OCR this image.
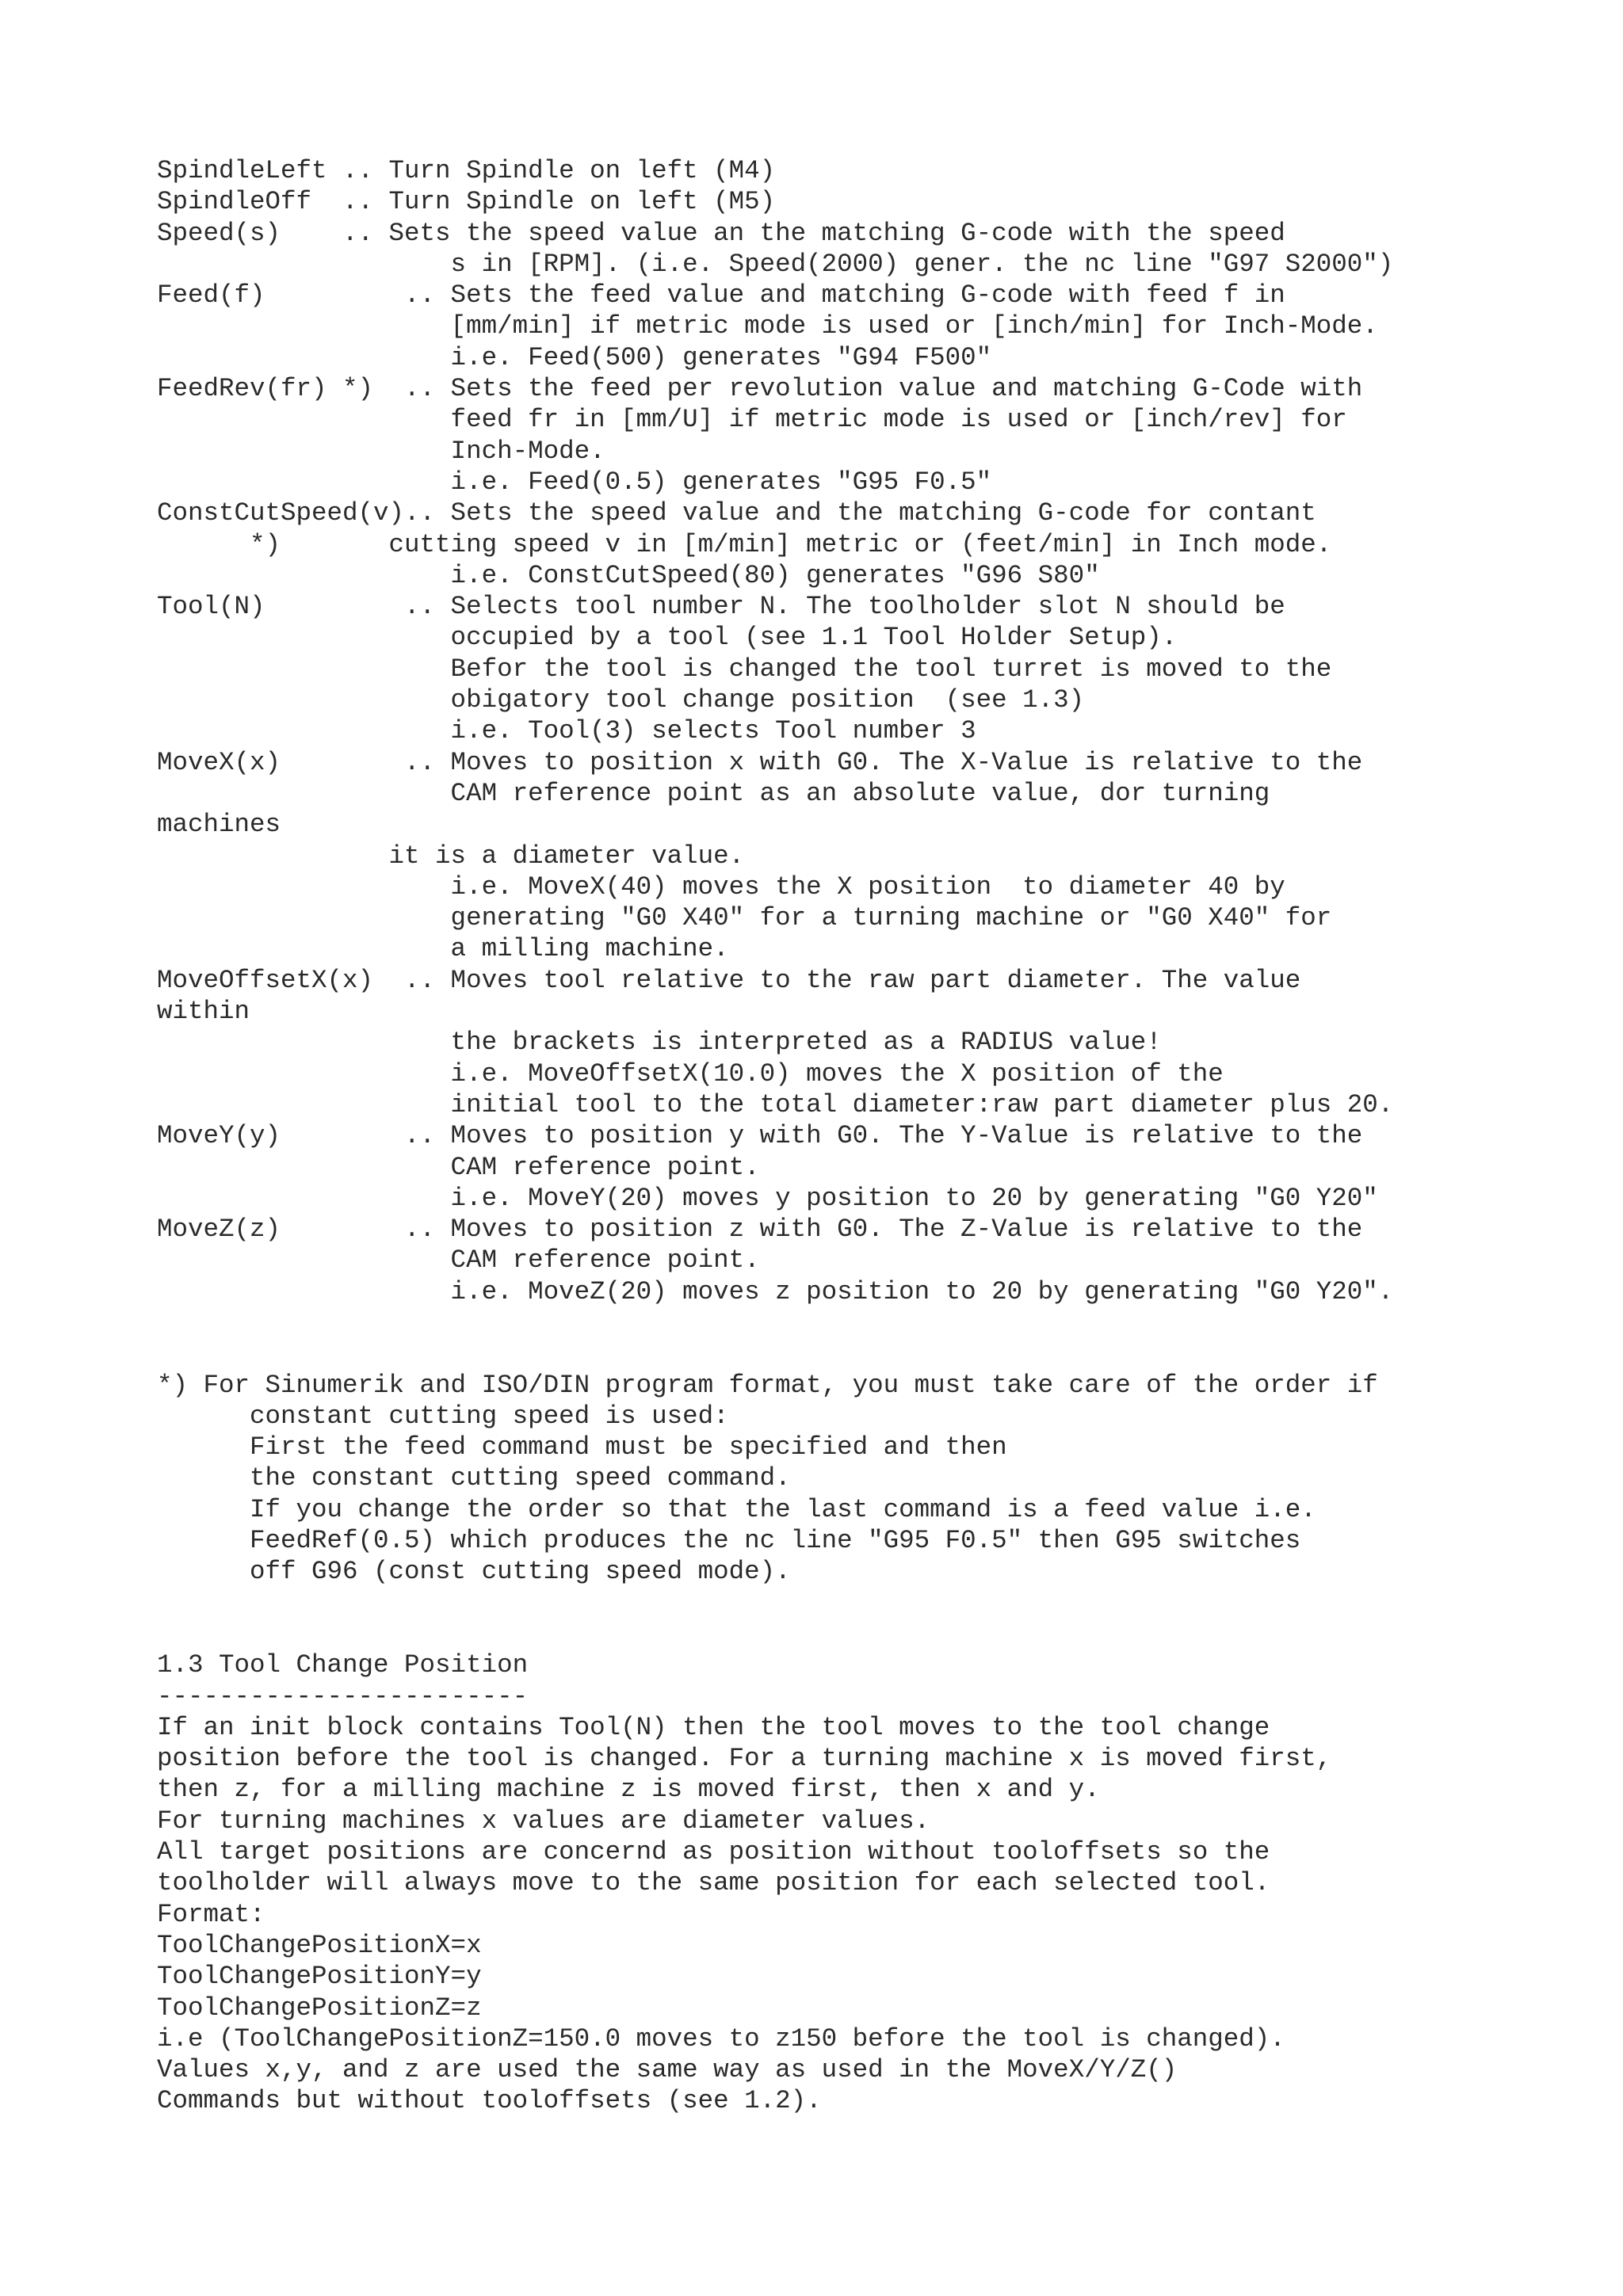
SpindleLeft .. Turn Spindle on left (M4)
SpindleOff  .. Turn Spindle on left (M5)
Speed(s)    .. Sets the speed value an the matching G-code with the speed
s in [RPM]. (i.e. Speed(2000) gener. the nc line "G97 S2000")
Feed(f)         .. Sets the feed value and matching G-code with feed f in
[mm/min] if metric mode is used or [inch/min] for Inch-Mode.
i.e. Feed(500) generates "G94 F500"
FeedRev(fr) *)  .. Sets the feed per revolution value and matching G-Code with
feed fr in [mm/U] if metric mode is used or [inch/rev] for
Inch-Mode.
i.e. Feed(0.5) generates "G95 F0.5"
ConstCutSpeed(v).. Sets the speed value and the matching G-code for contant
*)       cutting speed v in [m/min] metric or (feet/min] in Inch mode.
i.e. ConstCutSpeed(80) generates "G96 S80"
Tool(N)         .. Selects tool number N. The toolholder slot N should be
occupied by a tool (see 1.1 Tool Holder Setup).
Befor the tool is changed the tool turret is moved to the
obigatory tool change position  (see 1.3)
i.e. Tool(3) selects Tool number 3
MoveX(x)        .. Moves to position x with G0. The X-Value is relative to the
CAM reference point as an absolute value, dor turning
machines
it is a diameter value.
i.e. MoveX(40) moves the X position  to diameter 40 by
generating "G0 X40" for a turning machine or "G0 X40" for
a milling machine.
MoveOffsetX(x)  .. Moves tool relative to the raw part diameter. The value
within
the brackets is interpreted as a RADIUS value!
i.e. MoveOffsetX(10.0) moves the X position of the
initial tool to the total diameter:raw part diameter plus 20.
MoveY(y)        .. Moves to position y with G0. The Y-Value is relative to the
CAM reference point.
i.e. MoveY(20) moves y position to 20 by generating "G0 Y20"
MoveZ(z)        .. Moves to position z with G0. The Z-Value is relative to the
CAM reference point.
i.e. MoveZ(20) moves z position to 20 by generating "G0 Y20".
*) For Sinumerik and ISO/DIN program format, you must take care of the order if
constant cutting speed is used:
First the feed command must be specified and then
the constant cutting speed command.
If you change the order so that the last command is a feed value i.e.
FeedRef(0.5) which produces the nc line "G95 F0.5" then G95 switches
off G96 (const cutting speed mode).
1.3 Tool Change Position
------------------------
If an init block contains Tool(N) then the tool moves to the tool change
position before the tool is changed. For a turning machine x is moved first,
then z, for a milling machine z is moved first, then x and y.
For turning machines x values are diameter values.
All target positions are concernd as position without tooloffsets so the
toolholder will always move to the same position for each selected tool.
Format:
ToolChangePositionX=x
ToolChangePositionY=y
ToolChangePositionZ=z
i.e (ToolChangePositionZ=150.0 moves to z150 before the tool is changed).
Values x,y, and z are used the same way as used in the MoveX/Y/Z()
Commands but without tooloffsets (see 1.2).
